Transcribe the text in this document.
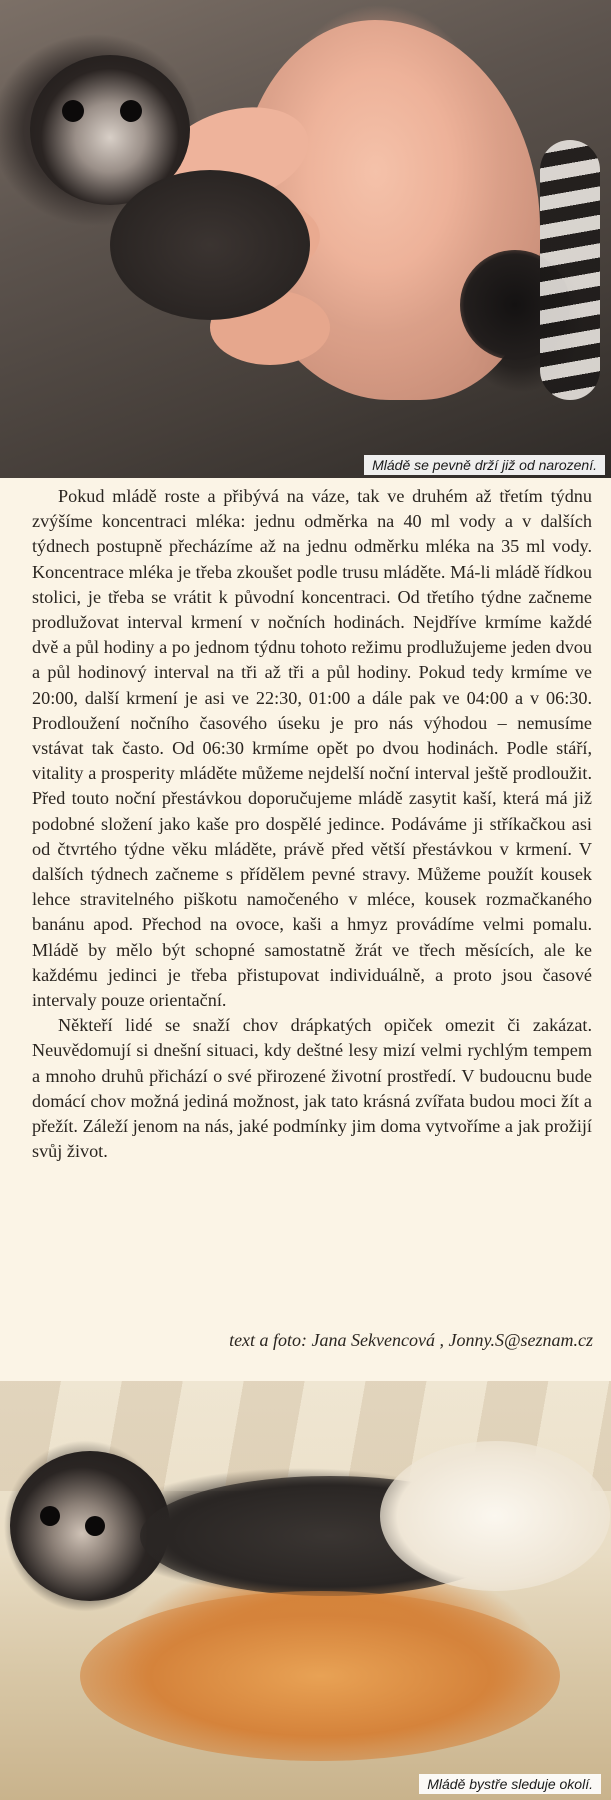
Mládě se pevně drží již od narození.

Pokud mládě roste a přibývá na váze, tak ve druhém až třetím týdnu zvýšíme koncentraci mléka: jednu odměrka na 40 ml vody a v dalších týdnech postupně přecházíme až na jednu odměrku mléka na 35 ml vody. Koncentrace mléka je třeba zkoušet podle trusu mláděte. Má-li mládě řídkou stolici, je třeba se vrátit k původní koncentraci. Od třetího týdne začneme prodlužovat interval krmení v nočních hodinách. Nejdříve krmíme každé dvě a půl hodiny a po jednom týdnu tohoto režimu prodlužujeme jeden dvou a půl hodinový interval na tři až tři a půl hodiny. Pokud tedy krmíme ve 20:00, další krmení je asi ve 22:30, 01:00 a dále pak ve 04:00 a v 06:30. Prodloužení nočního časového úseku je pro nás výhodou – nemusíme vstávat tak často. Od 06:30 krmíme opět po dvou hodinách. Podle stáří, vitality a prosperity mláděte můžeme nejdelší noční interval ještě prodloužit. Před touto noční přestávkou doporučujeme mládě zasytit kaší, která má již podobné složení jako kaše pro dospělé jedince. Podáváme ji stříkačkou asi od čtvrtého týdne věku mláděte, právě před větší přestávkou v krmení. V dalších týdnech začneme s přídělem pevné stravy. Můžeme použít kousek lehce stravitelného piškotu namočeného v mléce, kousek rozmačkaného banánu apod. Přechod na ovoce, kaši a hmyz provádíme velmi pomalu. Mládě by mělo být schopné samostatně žrát ve třech měsících, ale ke každému jedinci je třeba přistupovat individuálně, a proto jsou časové intervaly pouze orientační.

Někteří lidé se snaží chov drápkatých opiček omezit či zakázat. Neuvědomují si dnešní situaci, kdy deštné lesy mizí velmi rychlým tempem a mnoho druhů přichází o své přirozené životní prostředí. V budoucnu bude domácí chov možná jediná možnost, jak tato krásná zvířata budou moci žít a přežít. Záleží jenom na nás, jaké podmínky jim doma vytvoříme a jak prožijí svůj život.

text a foto: Jana Sekvencová , Jonny.S@seznam.cz
Mládě bystře sleduje okolí.
